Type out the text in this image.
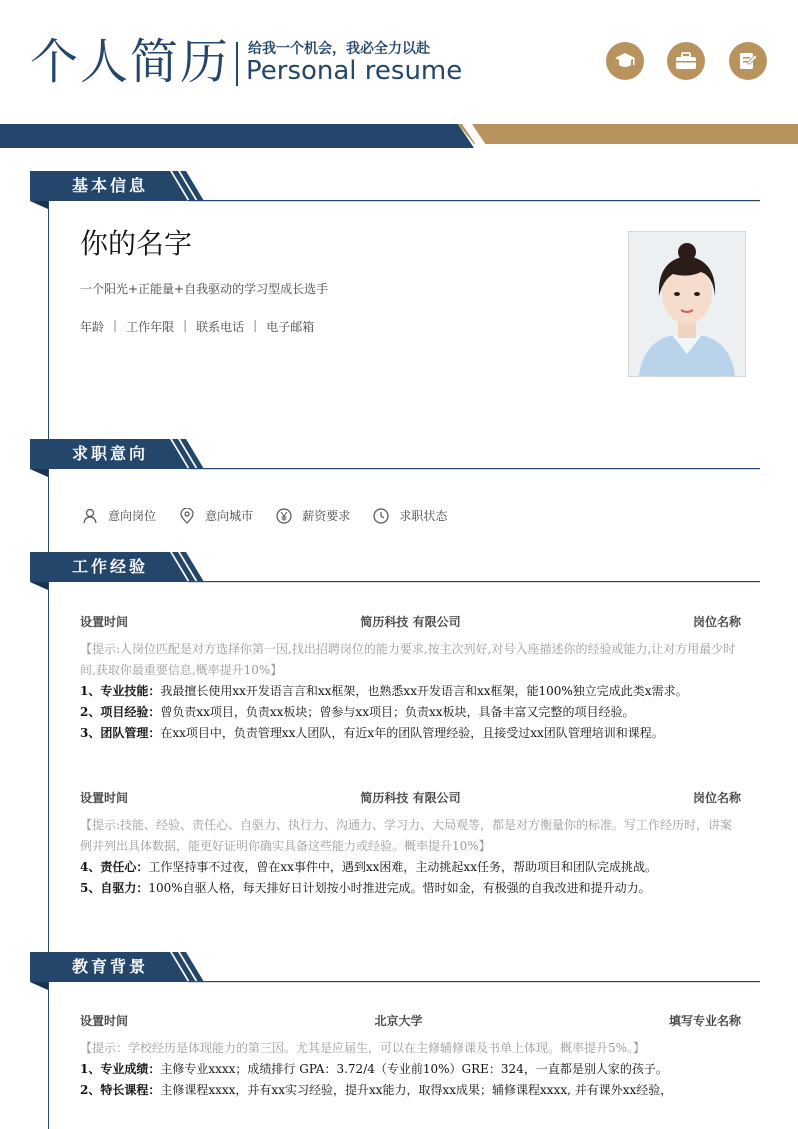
个人简历 给我一个机会，我必全力以赴
Personal resume
基本信息
你的名字
一个阳光+正能量+自我驱动的学习型成长选手
年龄 | 工作年限 | 联系电话 | 电子邮箱
求职意向
意向岗位
	意向城市
	薪资要求
	求职状态
工作经验
设置时间	简历科技 有限公司	岗位名称
【提示:人岗位匹配是对方选择你第一因,找出招聘岗位的能力要求,按主次列好,对号入座描述你的经验或能力,让对方用最少时间,获取你最重要信息,概率提升10%】
1、专业技能：我最擅长使用xx开发语言言和xx框架，也熟悉xx开发语言和xx框架，能100%独立完成此类x需求。
2、项目经验：曾负责xx项目，负责xx板块；曾参与xx项目；负责xx板块，具备丰富又完整的项目经验。
3、团队管理：在xx项目中，负责管理xx人团队，有近x年的团队管理经验，且接受过xx团队管理培训和课程。
设置时间	简历科技 有限公司	岗位名称
【提示:技能、经验、责任心、自驱力、执行力、沟通力、学习力、大局观等，都是对方衡量你的标准。写工作经历时，讲案例并列出具体数据，能更好证明你确实具备这些能力或经验。概率提升10%】
4、责任心：工作坚持事不过夜，曾在xx事件中，遇到xx困难，主动挑起xx任务，帮助项目和团队完成挑战。
5、自驱力：100%自驱人格，每天排好日计划按小时推进完成。惜时如金，有极强的自我改进和提升动力。
教育背景
设置时间	北京大学	填写专业名称
【提示：学校经历是体现能力的第三因。尤其是应届生，可以在主修辅修课及书单上体现。概率提升5%。】
1、专业成绩：主修专业xxxx；成绩排行 GPA：3.72/4（专业前10%）GRE：324，一直都是别人家的孩子。
2、特长课程：主修课程xxxx，并有xx实习经验，提升xx能力，取得xx成果；辅修课程xxxx, 并有课外xx经验，
